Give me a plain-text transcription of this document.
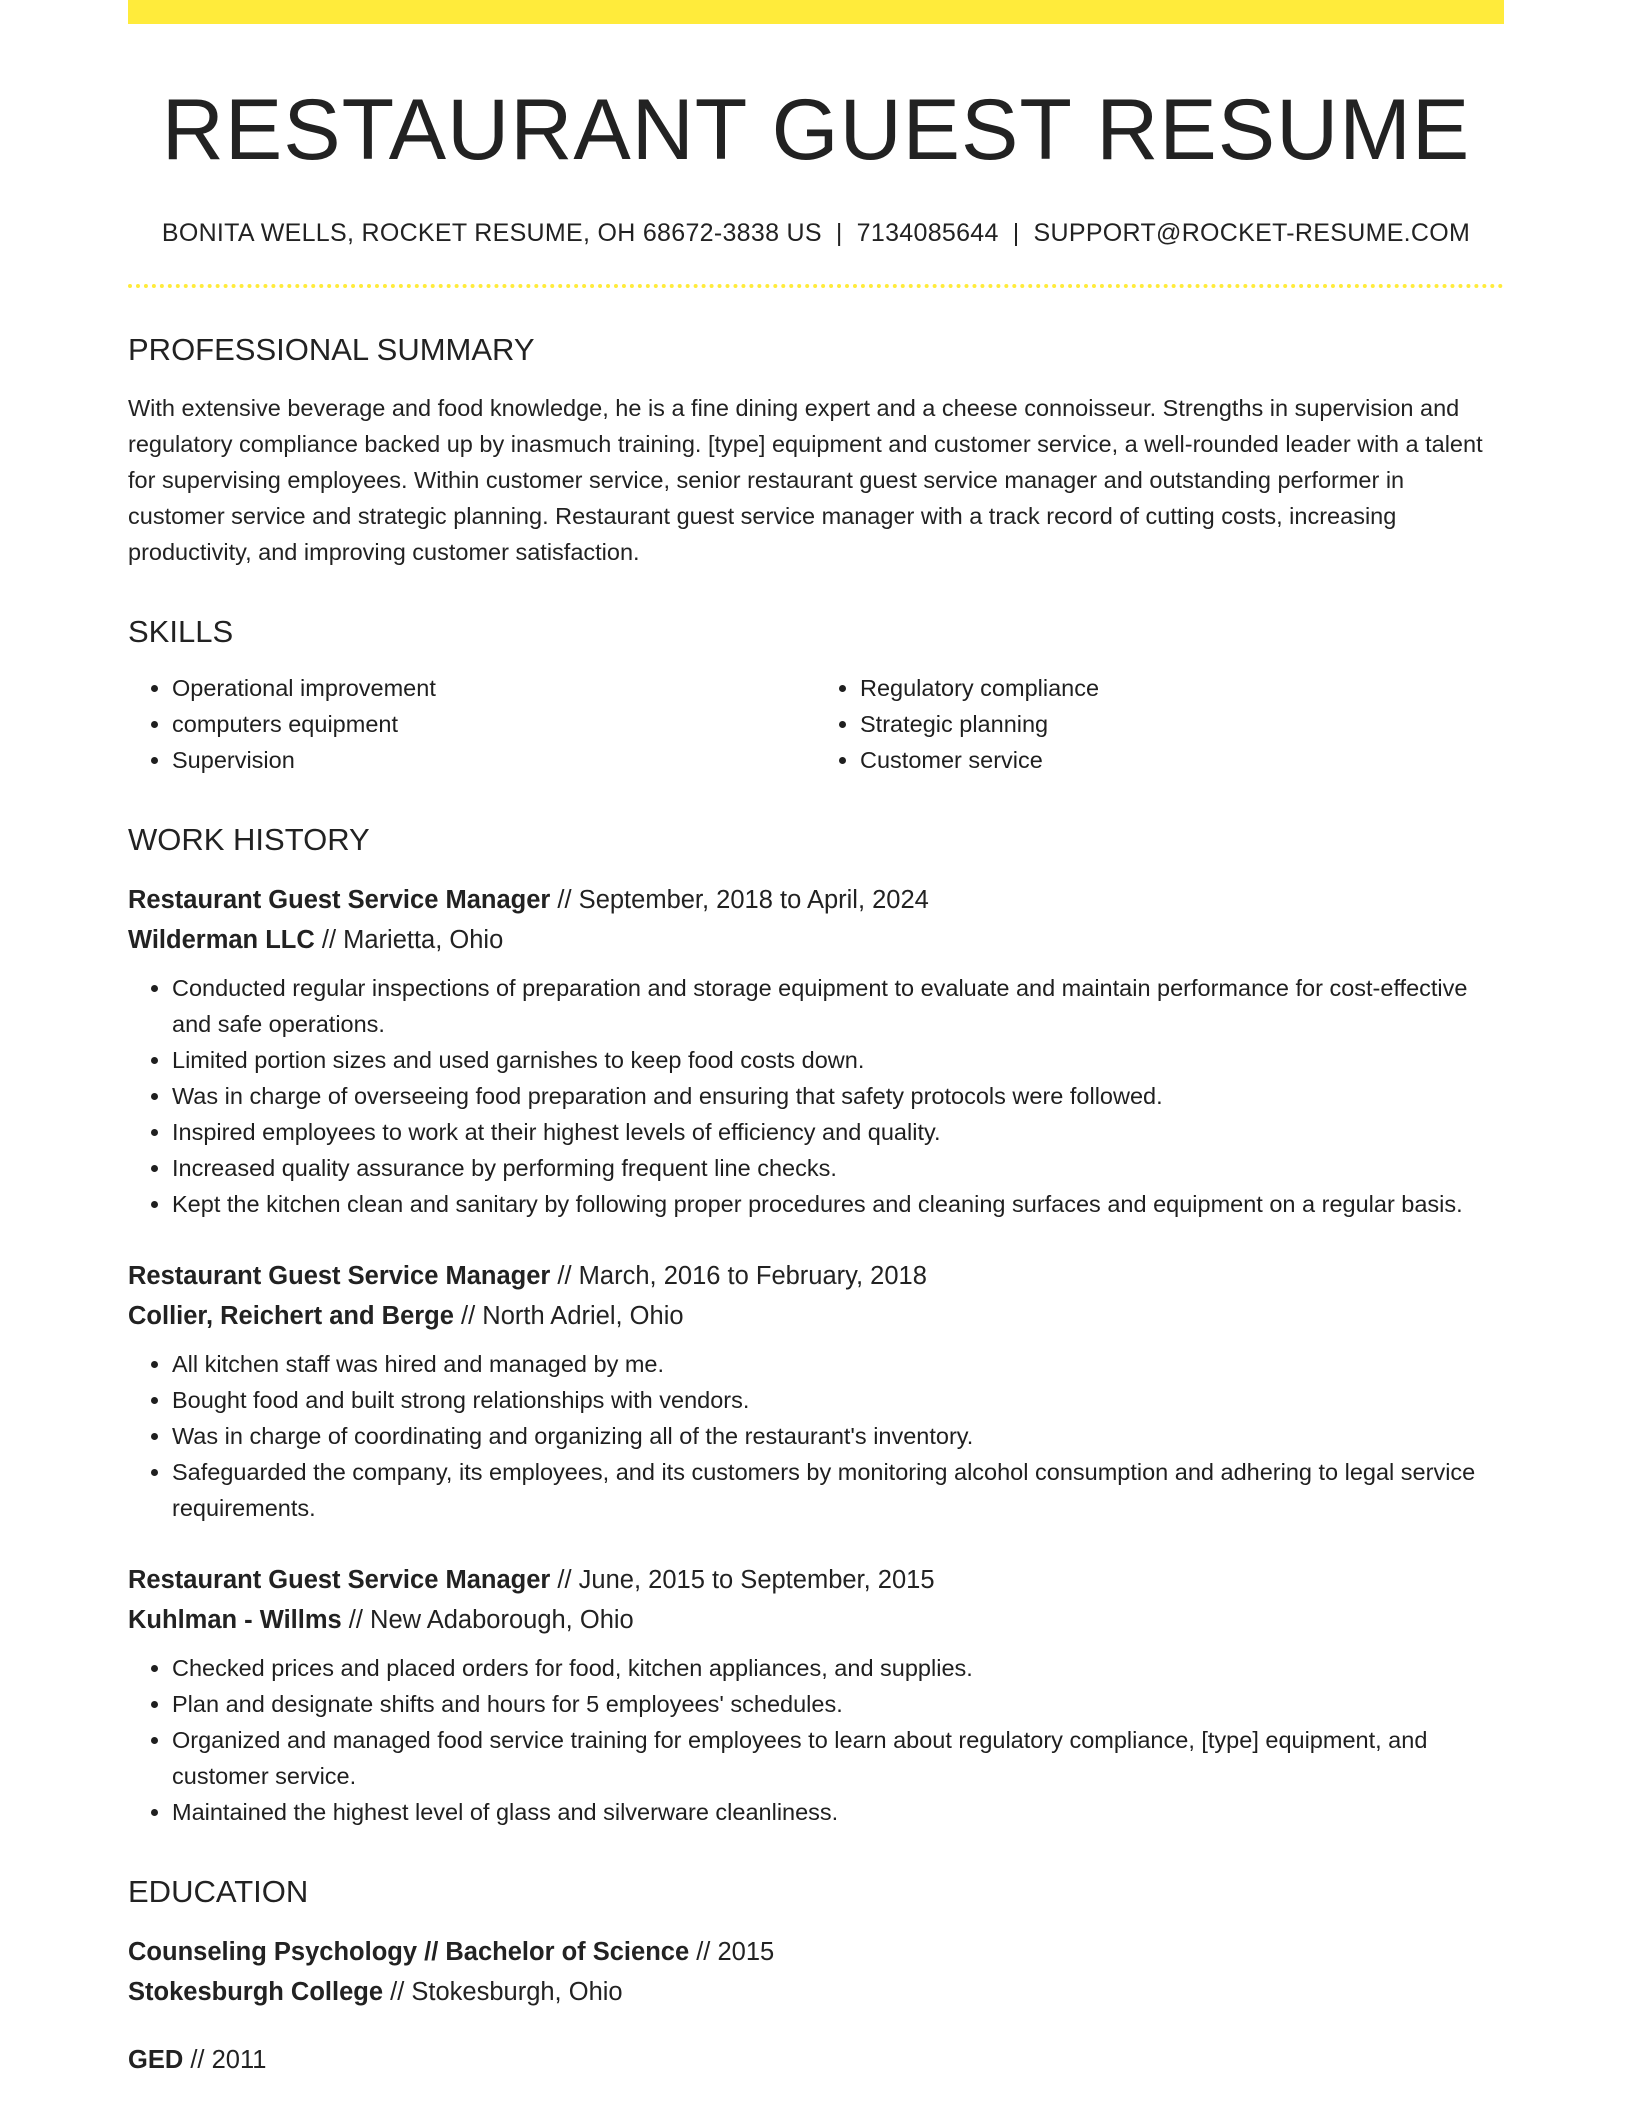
RESTAURANT GUEST RESUME
BONITA WELLS, ROCKET RESUME, OH 68672-3838 US | 7134085644 | SUPPORT@ROCKET-RESUME.COM
PROFESSIONAL SUMMARY
With extensive beverage and food knowledge, he is a fine dining expert and a cheese connoisseur. Strengths in supervision and regulatory compliance backed up by inasmuch training. [type] equipment and customer service, a well-rounded leader with a talent for supervising employees. Within customer service, senior restaurant guest service manager and outstanding performer in customer service and strategic planning. Restaurant guest service manager with a track record of cutting costs, increasing productivity, and improving customer satisfaction.
SKILLS
• Operational improvement
• computers equipment
• Supervision
• Regulatory compliance
• Strategic planning
• Customer service
WORK HISTORY
Restaurant Guest Service Manager // September, 2018 to April, 2024
Wilderman LLC // Marietta, Ohio
• Conducted regular inspections of preparation and storage equipment to evaluate and maintain performance for cost-effective and safe operations.
• Limited portion sizes and used garnishes to keep food costs down.
• Was in charge of overseeing food preparation and ensuring that safety protocols were followed.
• Inspired employees to work at their highest levels of efficiency and quality.
• Increased quality assurance by performing frequent line checks.
• Kept the kitchen clean and sanitary by following proper procedures and cleaning surfaces and equipment on a regular basis.
Restaurant Guest Service Manager // March, 2016 to February, 2018
Collier, Reichert and Berge // North Adriel, Ohio
• All kitchen staff was hired and managed by me.
• Bought food and built strong relationships with vendors.
• Was in charge of coordinating and organizing all of the restaurant's inventory.
• Safeguarded the company, its employees, and its customers by monitoring alcohol consumption and adhering to legal service requirements.
Restaurant Guest Service Manager // June, 2015 to September, 2015
Kuhlman - Willms // New Adaborough, Ohio
• Checked prices and placed orders for food, kitchen appliances, and supplies.
• Plan and designate shifts and hours for 5 employees' schedules.
• Organized and managed food service training for employees to learn about regulatory compliance, [type] equipment, and customer service.
• Maintained the highest level of glass and silverware cleanliness.
EDUCATION
Counseling Psychology // Bachelor of Science // 2015
Stokesburgh College // Stokesburgh, Ohio
GED // 2011
